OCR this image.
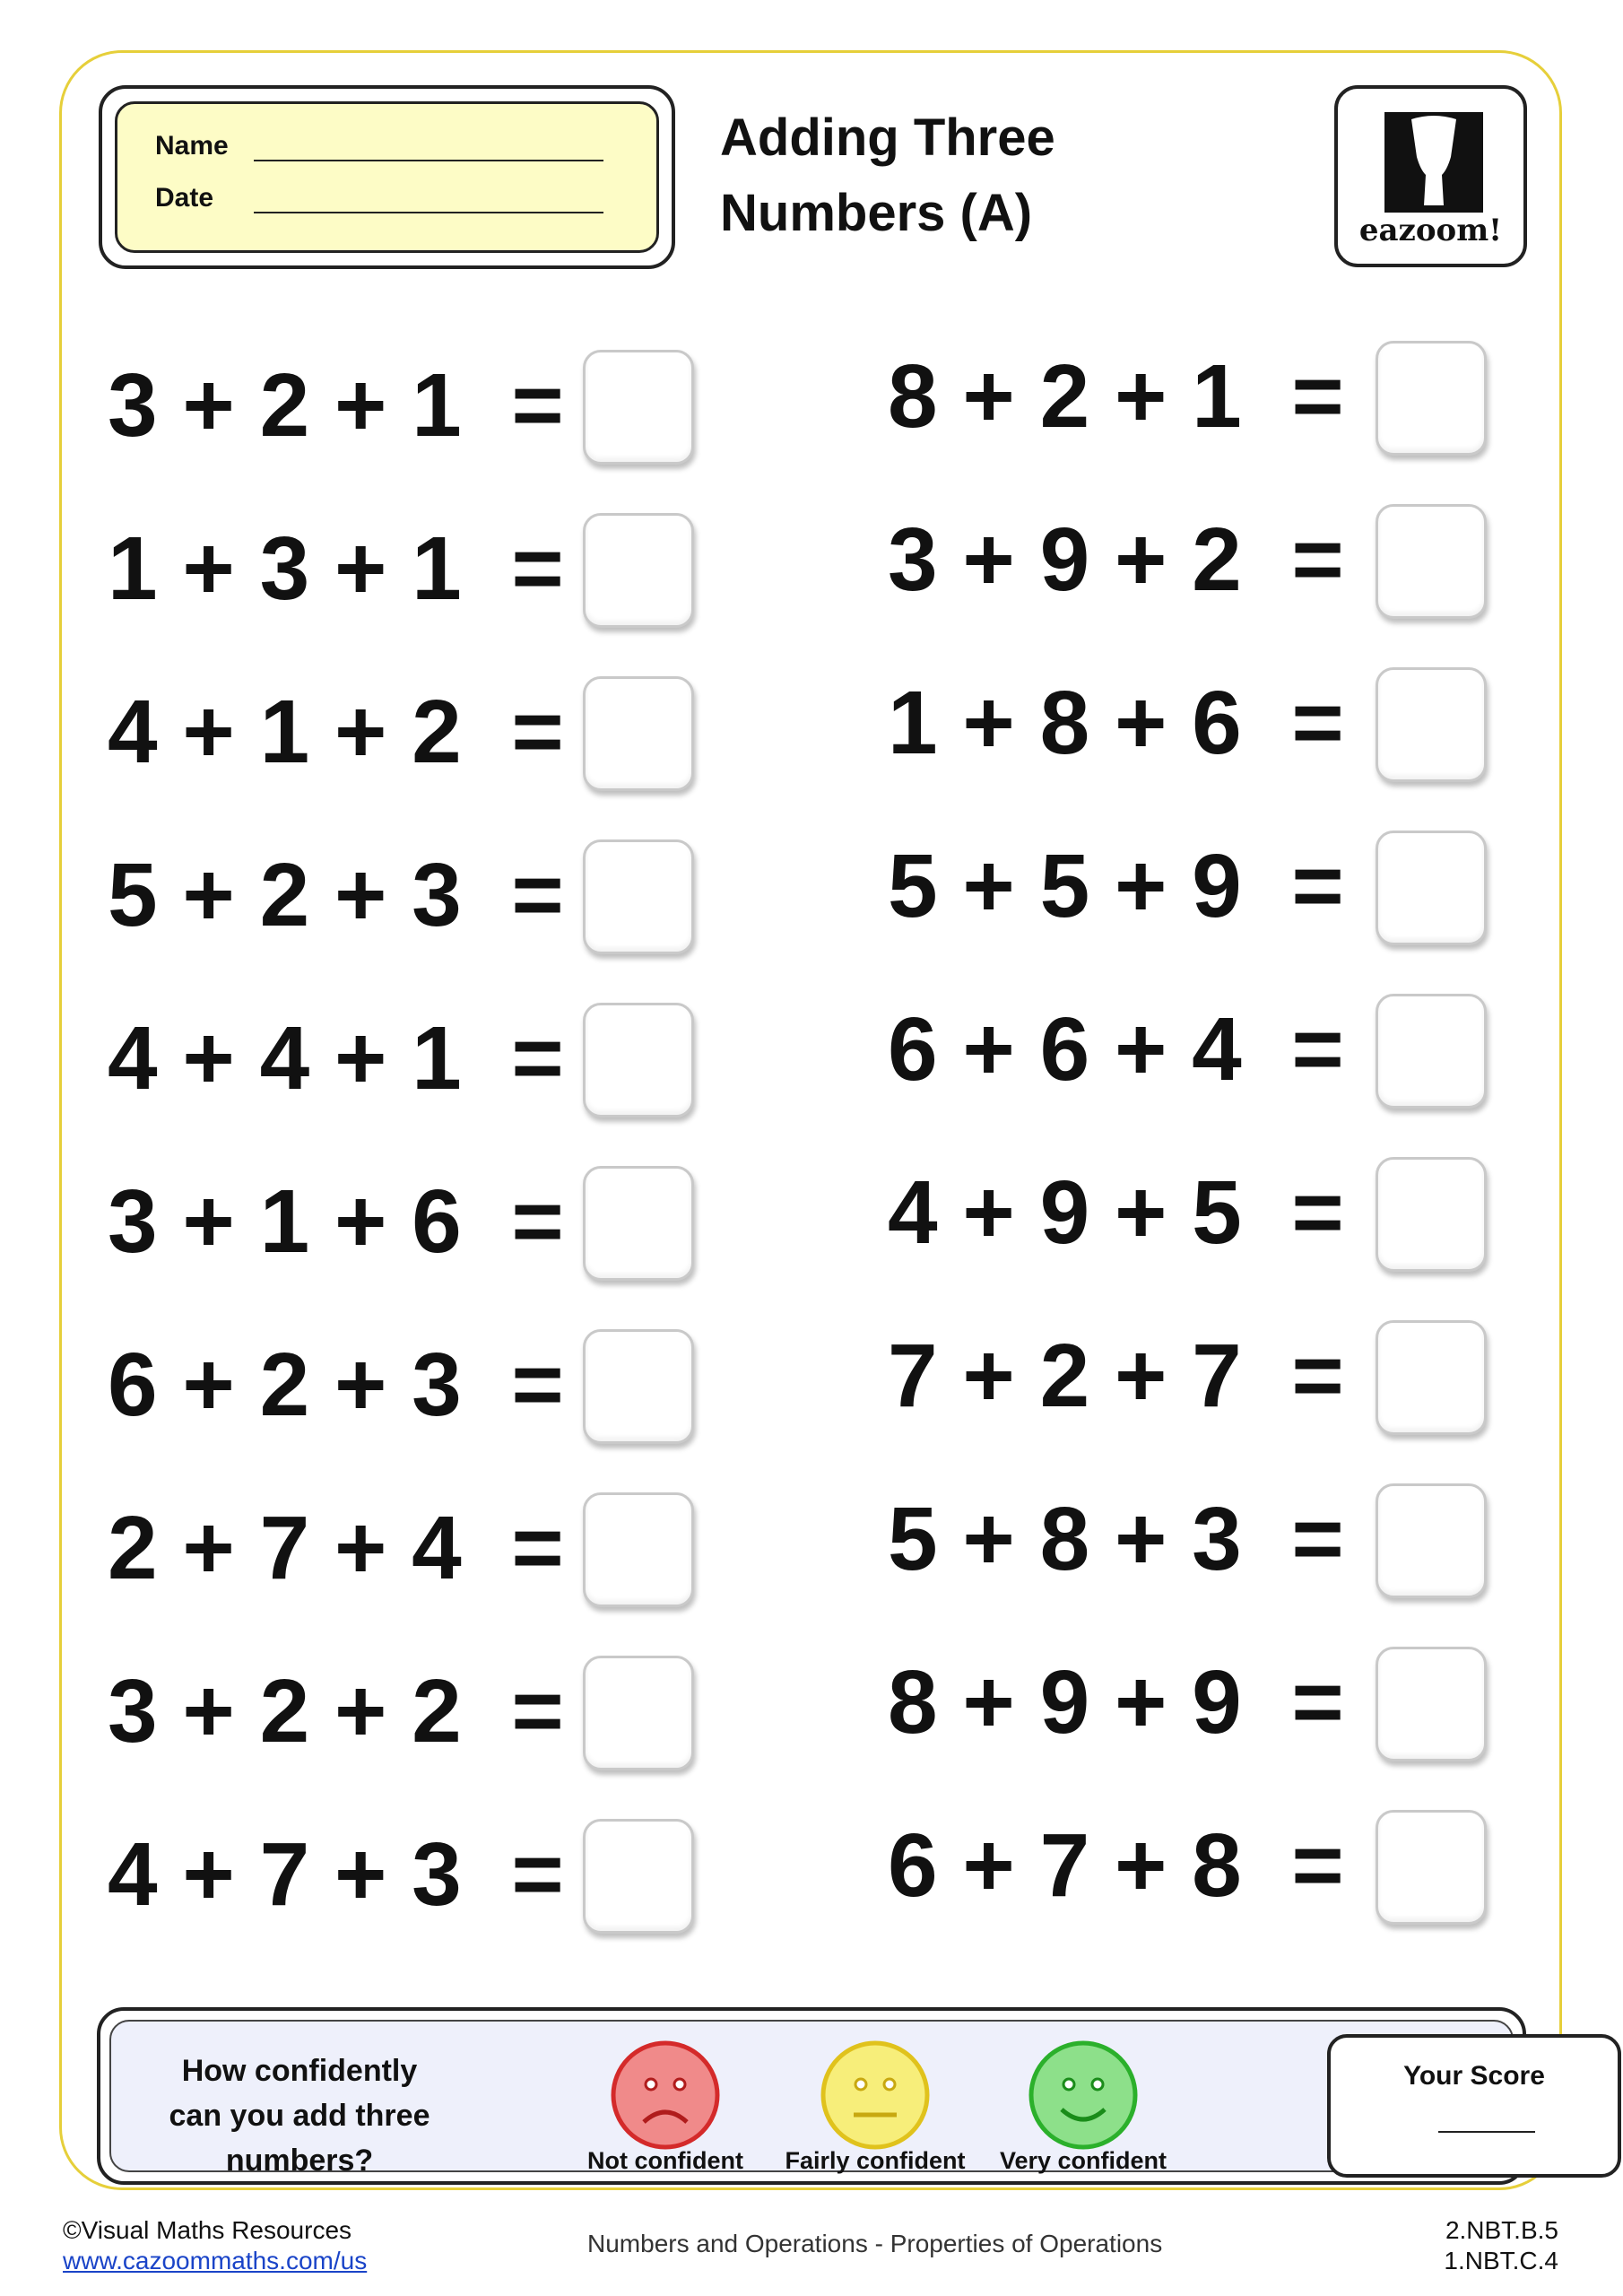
Name
Date
Adding Three
Numbers (A)	eazoom!
3 + 2 + 1  =
1 + 3 + 1  =
4 + 1 + 2  =
5 + 2 + 3  =
4 + 4 + 1  =
3 + 1 + 6  =
6 + 2 + 3  =
2 + 7 + 4  =
3 + 2 + 2  =
4 + 7 + 3  =
8 + 2 + 1  =
3 + 9 + 2  =
1 + 8 + 6  =
5 + 5 + 9  =
6 + 6 + 4  =
4 + 9 + 5  =
7 + 2 + 7  =
5 + 8 + 3  =
8 + 9 + 9  =
6 + 7 + 8  =
How confidently can you add three numbers?	Not confident	Fairly confident	Very confident
Your Score
©Visual Maths Resources
www.cazoommaths.com/us
Numbers and Operations - Properties of Operations	2.NBT.B.5
1.NBT.C.4
